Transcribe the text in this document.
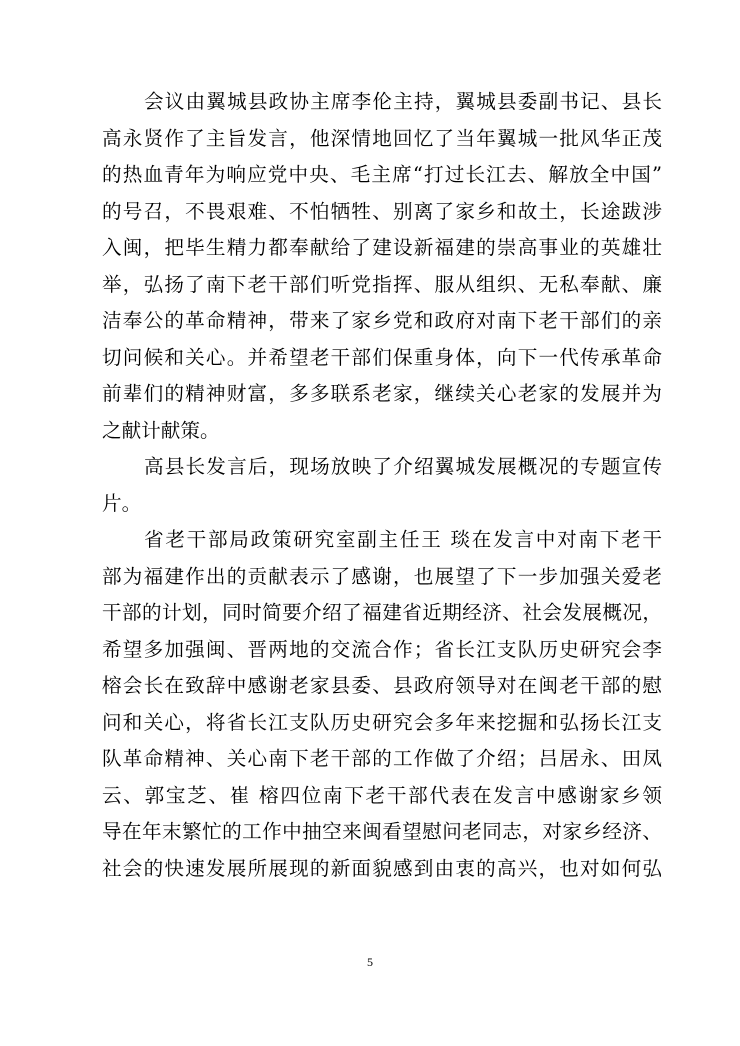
会议由翼城县政协主席李伦主持，翼城县委副书记、县长
高永贤作了主旨发言，他深情地回忆了当年翼城一批风华正茂
的热血青年为响应党中央、毛主席“打过长江去、解放全中国”
的号召，不畏艰难、不怕牺牲、别离了家乡和故土，长途跋涉
入闽，把毕生精力都奉献给了建设新福建的崇高事业的英雄壮
举，弘扬了南下老干部们听党指挥、服从组织、无私奉献、廉
洁奉公的革命精神，带来了家乡党和政府对南下老干部们的亲
切问候和关心。并希望老干部们保重身体，向下一代传承革命
前辈们的精神财富，多多联系老家，继续关心老家的发展并为
之献计献策。
高县长发言后，现场放映了介绍翼城发展概况的专题宣传
片。
省老干部局政策研究室副主任王 琰在发言中对南下老干
部为福建作出的贡献表示了感谢，也展望了下一步加强关爱老
干部的计划，同时简要介绍了福建省近期经济、社会发展概况，
希望多加强闽、晋两地的交流合作；省长江支队历史研究会李
榕会长在致辞中感谢老家县委、县政府领导对在闽老干部的慰
问和关心，将省长江支队历史研究会多年来挖掘和弘扬长江支
队革命精神、关心南下老干部的工作做了介绍；吕居永、田凤
云、郭宝芝、崔 榕四位南下老干部代表在发言中感谢家乡领
导在年末繁忙的工作中抽空来闽看望慰问老同志，对家乡经济、
社会的快速发展所展现的新面貌感到由衷的高兴，也对如何弘
5
